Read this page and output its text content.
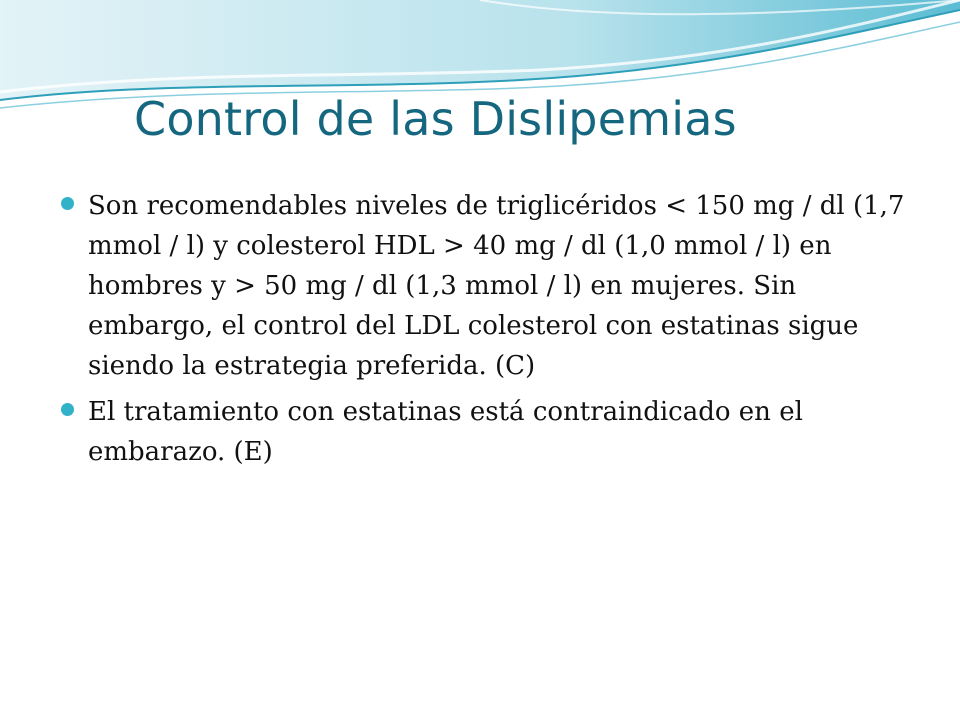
Control de las Dislipemias
Son recomendables niveles de triglicéridos < 150 mg / dl (1,7 mmol / l) y colesterol HDL > 40 mg / dl (1,0 mmol / l) en hombres y > 50 mg / dl (1,3 mmol / l) en mujeres. Sin embargo, el control del LDL colesterol con estatinas sigue siendo la estrategia preferida. (C)
El tratamiento con estatinas está contraindicado en el embarazo. (E)
